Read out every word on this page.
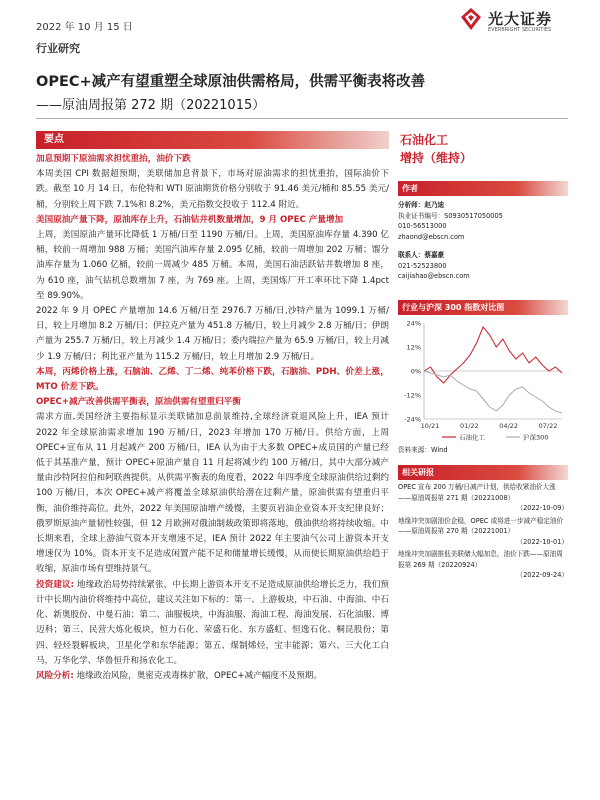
2022 年 10 月 15 日	光大证券
EVERBRIGHT SECURITIES
行业研究
OPEC+减产有望重塑全球原油供需格局，供需平衡表将改善
——原油周报第 272 期（20221015）
要点

加息预期下原油需求担忧重抬，油价下跌

本周美国 CPI 数据超预期，美联储加息背景下，市场对原油需求的担忧重抬，国际油价下跌。截至 10 月 14 日，布伦特和 WTI 原油期货价格分别收于 91.46 美元/桶和 85.55 美元/桶，分别较上周下跌 7.1%和 8.2%，美元指数交投收于 112.4 附近。

美国原油产量下降，原油库存上升，石油钻井机数量增加，9 月 OPEC 产量增加

上周，美国原油产量环比降低 1 万桶/日至 1190 万桶/日。上周，美国原油库存量 4.390 亿桶，较前一周增加 988 万桶；美国汽油库存量 2.095 亿桶，较前一周增加 202 万桶；馏分油库存量为 1.060 亿桶，较前一周减少 485 万桶。本周，美国石油活跃钻井数增加 8 座，为 610 座，油气钻机总数增加 7 座，为 769 座。上周，美国炼厂开工率环比下降 1.4pct 至 89.90%。

2022 年 9 月 OPEC 产量增加 14.6 万桶/日至 2976.7 万桶/日,沙特产量为 1099.1 万桶/日，较上月增加 8.2 万桶/日；伊拉克产量为 451.8 万桶/日，较上月减少 2.8 万桶/日；伊朗产量为 255.7 万桶/日，较上月减少 1.4 万桶/日；委内瑞拉产量为 65.9 万桶/日，较上月减少 1.9 万桶/日；利比亚产量为 115.2 万桶/日，较上月增加 2.9 万桶/日。

本周，丙烯价格上涨，石脑油、乙烯、丁二烯、纯苯价格下跌，石脑油、PDH、价差上涨，MTO 价差下跌。

OPEC+减产改善供需平衡表，原油供需有望重归平衡

需求方面,美国经济主要指标显示美联储加息前景维持,全球经济衰退风险上升，IEA 预计 2022 年全球原油需求增加 190 万桶/日，2023 年增加 170 万桶/日。供给方面，上周 OPEC+宣布从 11 月起减产 200 万桶/日，IEA 认为由于大多数 OPEC+成员国的产量已经低于其基准产量，预计 OPEC+原油产量自 11 月起将减少约 100 万桶/日，其中大部分减产量由沙特阿拉伯和阿联酋提供。从供需平衡表的角度看，2022 年四季度全球原油供给过剩约 100 万桶/日，本次 OPEC+减产将覆盖全球原油供给潜在过剩产量，原油供需有望重归平衡，油价维持高位。此外，2022 年美国原油增产缓慢，主要页岩油企业资本开支纪律良好；俄罗斯原油产量韧性较强，但 12 月欧洲对俄油制裁政策即将落地，俄油供给将持续收缩。中长期来看，全球上游油气资本开支增速不足，IEA 预计 2022 年主要油气公司上游资本开支增速仅为 10%。资本开支不足造成闲置产能不足和储量增长缓慢，从而使长期原油供给趋于收缩，原油市场有望维持景气。

投资建议: 地缘政治局势持续紧张，中长期上游资本开支不足造成原油供给增长乏力，我们预计中长期内油价将维持中高位，建议关注如下标的：第一、上游板块，中石油、中海油、中石化、新奥股份、中曼石油；第二、油服板块，中海油服、海油工程、海油发展、石化油服、博迈科；第三、民营大炼化板块，恒力石化、荣盛石化、东方盛虹、恒逸石化、桐昆股份；第四、轻烃裂解板块，卫星化学和东华能源；第五、煤制烯烃，宝丰能源；第六、三大化工白马，万华化学、华鲁恒升和扬农化工。

风险分析: 地缘政治风险，奥密克戎毒株扩散，OPEC+减产幅度不及预期。

石油化工
增持（维持）
作者
分析师：赵乃迪
执业证书编号：S0930517050005
010-56513000
zhaond@ebscn.com
联系人：蔡嘉豪
021-52523800
caijiahao@ebscn.com
行业与沪深 300 指数对比图
24%
12%
0%
-12%
-24%
10/21	01/22	04/22	07/22
石油化工	沪深300
资料来源：Wind
相关研报
OPEC 宣布 200 万桶/日减产计划，供给收紧油价大涨——原油周报第 271 期（20221008）
（2022-10-09）
地缘冲突加剧油价企稳，OPEC 或将进一步减产稳定油价——原油周报第 270 期（20221001）
（2022-10-01）
地缘冲突加剧推低美联储大幅加息，油价下跌——原油周报第 269 期（20220924）
（2022-09-24）
